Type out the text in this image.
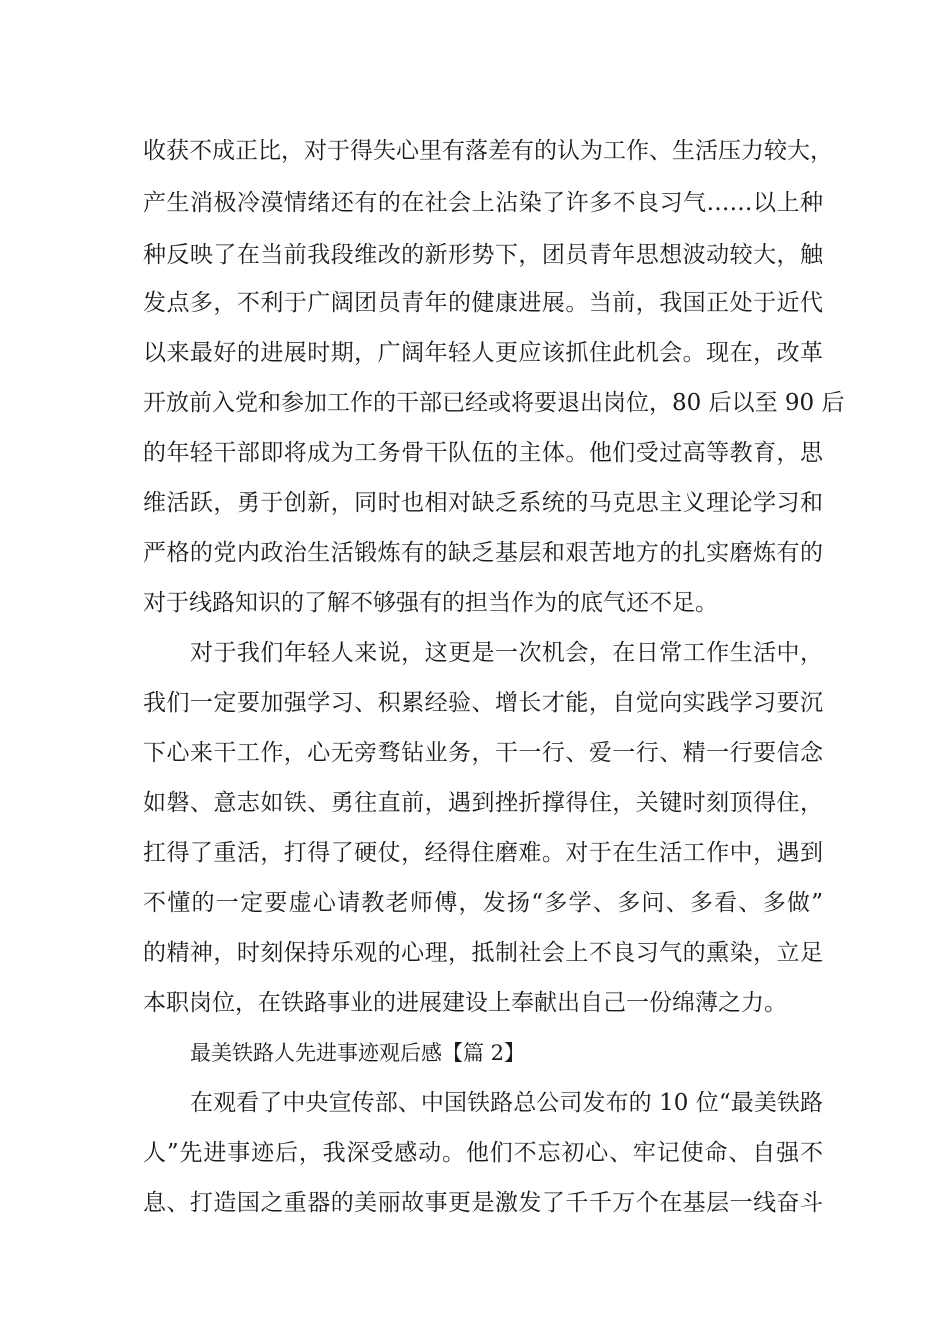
收获不成正比，对于得失心里有落差有的认为工作、生活压力较大，
产生消极冷漠情绪还有的在社会上沾染了许多不良习气……以上种
种反映了在当前我段维改的新形势下，团员青年思想波动较大，触
发点多，不利于广阔团员青年的健康进展。当前，我国正处于近代
以来最好的进展时期，广阔年轻人更应该抓住此机会。现在，改革
开放前入党和参加工作的干部已经或将要退出岗位，80 后以至 90 后
的年轻干部即将成为工务骨干队伍的主体。他们受过高等教育，思
维活跃，勇于创新，同时也相对缺乏系统的马克思主义理论学习和
严格的党内政治生活锻炼有的缺乏基层和艰苦地方的扎实磨炼有的
对于线路知识的了解不够强有的担当作为的底气还不足。
对于我们年轻人来说，这更是一次机会，在日常工作生活中，
我们一定要加强学习、积累经验、增长才能，自觉向实践学习要沉
下心来干工作，心无旁骛钻业务，干一行、爱一行、精一行要信念
如磐、意志如铁、勇往直前，遇到挫折撑得住，关键时刻顶得住，
扛得了重活，打得了硬仗，经得住磨难。对于在生活工作中，遇到
不懂的一定要虚心请教老师傅，发扬“多学、多问、多看、多做”
的精神，时刻保持乐观的心理，抵制社会上不良习气的熏染，立足
本职岗位，在铁路事业的进展建设上奉献出自己一份绵薄之力。
最美铁路人先进事迹观后感【篇 2】
在观看了中央宣传部、中国铁路总公司发布的 10 位“最美铁路
人”先进事迹后，我深受感动。他们不忘初心、牢记使命、自强不
息、打造国之重器的美丽故事更是激发了千千万个在基层一线奋斗
